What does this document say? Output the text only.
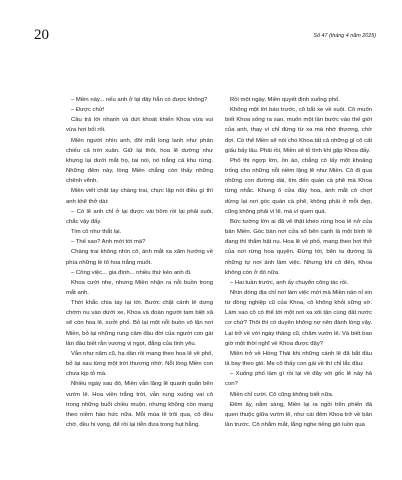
20	Số 47 (tháng 4 năm 2025)

– Miền này... nếu anh ở lại đây hẳn có được không?

– Được chứ!

Câu trả lời nhanh và dứt khoát khiến Khoa vừa vui vừa hơi bối rối.

Miền người nhìn anh, đôi mắt long lanh như phản chiếu cả trời xuân. Giữ lại thôi, hoa lê dường như khựng lại dưới mắt họ, tai nói, nó trắng cả khu rừng. Những đêm này, lòng Miền chẳng còn thấy những chênh vênh.

Miền viết chặt tay chàng trai, chực lặp nói điều gì thì anh khẽ thở dài:

– Có lẽ anh chỉ ở lại được vài hôm rồi lại phải xuôi, chắc vậy đấy.

Tim cô như thắt lại.

– Thế sao? Anh mới tới mà?

Chàng trai không nhìn cô, ánh mắt xa xăm hướng về phía những lề tổ hoa trắng muốt.

– Công việc... gia đình... nhiều thứ kéo anh đi.

Khoa cười nhẹ, nhưng Miền nhận ra nỗi buồn trong mắt anh.

Thời khắc chia tay lại tới. Bước chặt cánh lê dưng chờm nu vào dưới xe, Khoa và đoàn người tam biệt xã sẽ còn hoa lê, xưởi phố. Bỏ lại một nỗi buồn vô lặn nơi Miền, bỏ lại những rung cảm đầu đời của người con gái lần đầu biết rằn vương vị ngọt, đắng của tình yêu.

Vẫn như năm cũ, hạ dần rồi mang theo hoa lê về phố, bỏ lại sau từng một trời thương nhớ. Nỗi lòng Miền con chưa kịp tỏ mà.

Nhiều ngày sau đó, Miền vẫn lặng lẽ quanh quẩn bên vườn lê. Hoa viền trắng trời, vẫn rung xuống vai cô trong những buổi chiều muộn, nhưng không còn mang theo niềm háo hức nữa. Mỗi mùa lê trôi qua, cô đều chờ, đều hi vọng, để rồi lại tiễn đưa trong hụt hẫng.

Rồi một ngày, Miền quyết định xuống phố.

Không một lời báo trước, cô bắt xe về xuôi. Cô muốn biết Khoa sống ra sao, muốn một lần bước vào thế giới của anh, thay vì chỉ đứng từ xa mà nhớ thương, chờ đợi. Có thể Miền sẽ nói cho Khoa tất cả những gì cô cất giấu bấy lâu. Phải rồi, Miền sẽ tỏ tình khi gặp Khoa đấy.

Phố thị ngợp lớn, ồn ào, chẳng có lấy một khoảng trống cho những nỗi niềm lặng lẽ như Miền. Cô đi qua những con đường dài, tìm đến quán cà phê mà Khoa từng nhắc. Khung ô cửa đầy hoa, ánh mắt cô chợt dừng lại nơi góc quán cà phê, không phải ở mỗi đẹp, cũng không phải vì lê, mà vì quen quá.

Bức tường lớn ai đã vẽ thật khéo rừng hoa lê nở của bản Miền. Góc bàn nơi cửa sổ bên cạnh là một bình lê đang thì thắm bật nụ. Hoa lê về phố, mang theo hơi thở của nơi rừng hoa quyện. Đứng tới, bên ta đường là những tự nơi ánh làm việc. Nhưng khi cô đến, Khoa không còn ở đó nữa.

– Hai tuần trước, anh ấy chuyển công tác rồi.

Nhìn dòng địa chỉ nơi làm việc mới mà Miền nán nỉ xin từ đồng nghiệp cũ của Khoa, cô không khỏi sững sờ. Làm sao cô có thể tới một nơi xa xôi tận cùng đất nước cơ chứ? Thôi thì có duyên không nợ nên đành lòng vậy. Lại trở về với ngày tháng cũ, chăm vườn lê. Và biết bao giờ một thời nghĩ về Khoa được đây?

Miền trở về Hồng Thái khi những cánh lê đã bắt đầu lả bay theo gió. Mẹ cô thấy con gái về thì chỉ lắc đầu:

– Xuống phố làm gì rồi lại về đây với gốc lê này hả con?

Miền chỉ cười. Cô cũng không biết nữa.

Đêm ấy, nằm sàng, Miền lại ra ngồi trên phiến đá quen thuộc giữa vườn lê, như cái đêm Khoa trở về bản lần trước. Cô nhắm mắt, lắng nghe tiếng gió luồn qua
